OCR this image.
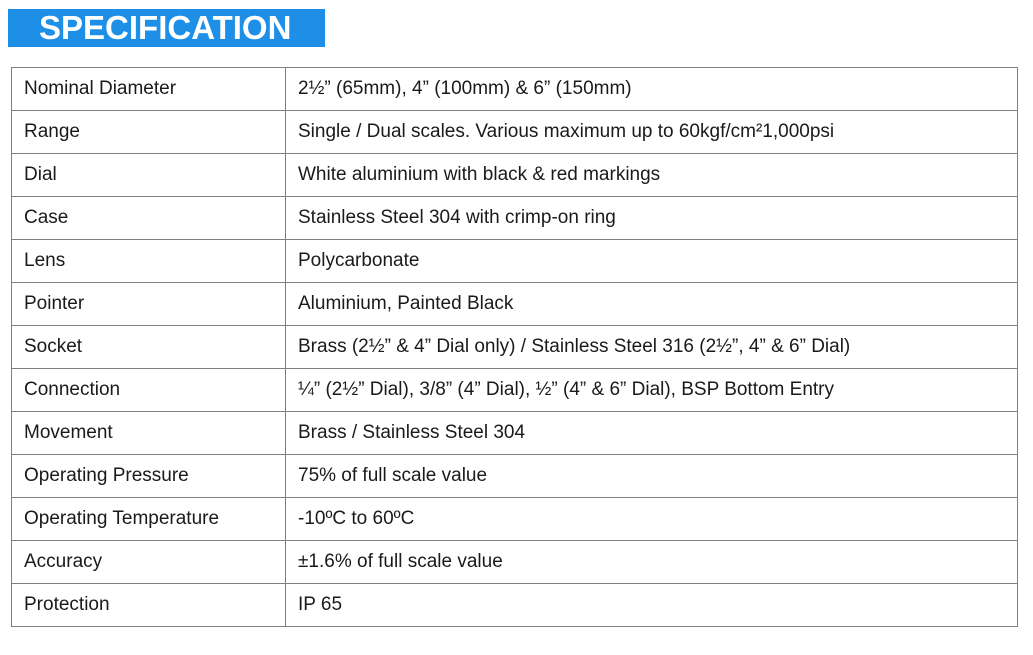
SPECIFICATION
Nominal Diameter	2½” (65mm), 4” (100mm) & 6” (150mm)
Range	Single / Dual scales. Various maximum up to 60kgf/cm²1,000psi
Dial	White aluminium with black & red markings
Case	Stainless Steel 304 with crimp-on ring
Lens	Polycarbonate
Pointer	Aluminium, Painted Black
Socket	Brass (2½” & 4” Dial only) / Stainless Steel 316 (2½”, 4” & 6” Dial)
Connection	¼” (2½” Dial), 3/8” (4” Dial), ½” (4” & 6” Dial), BSP Bottom Entry
Movement	Brass / Stainless Steel 304
Operating Pressure	75% of full scale value
Operating Temperature	-10ºC to 60ºC
Accuracy	±1.6% of full scale value
Protection	IP 65
